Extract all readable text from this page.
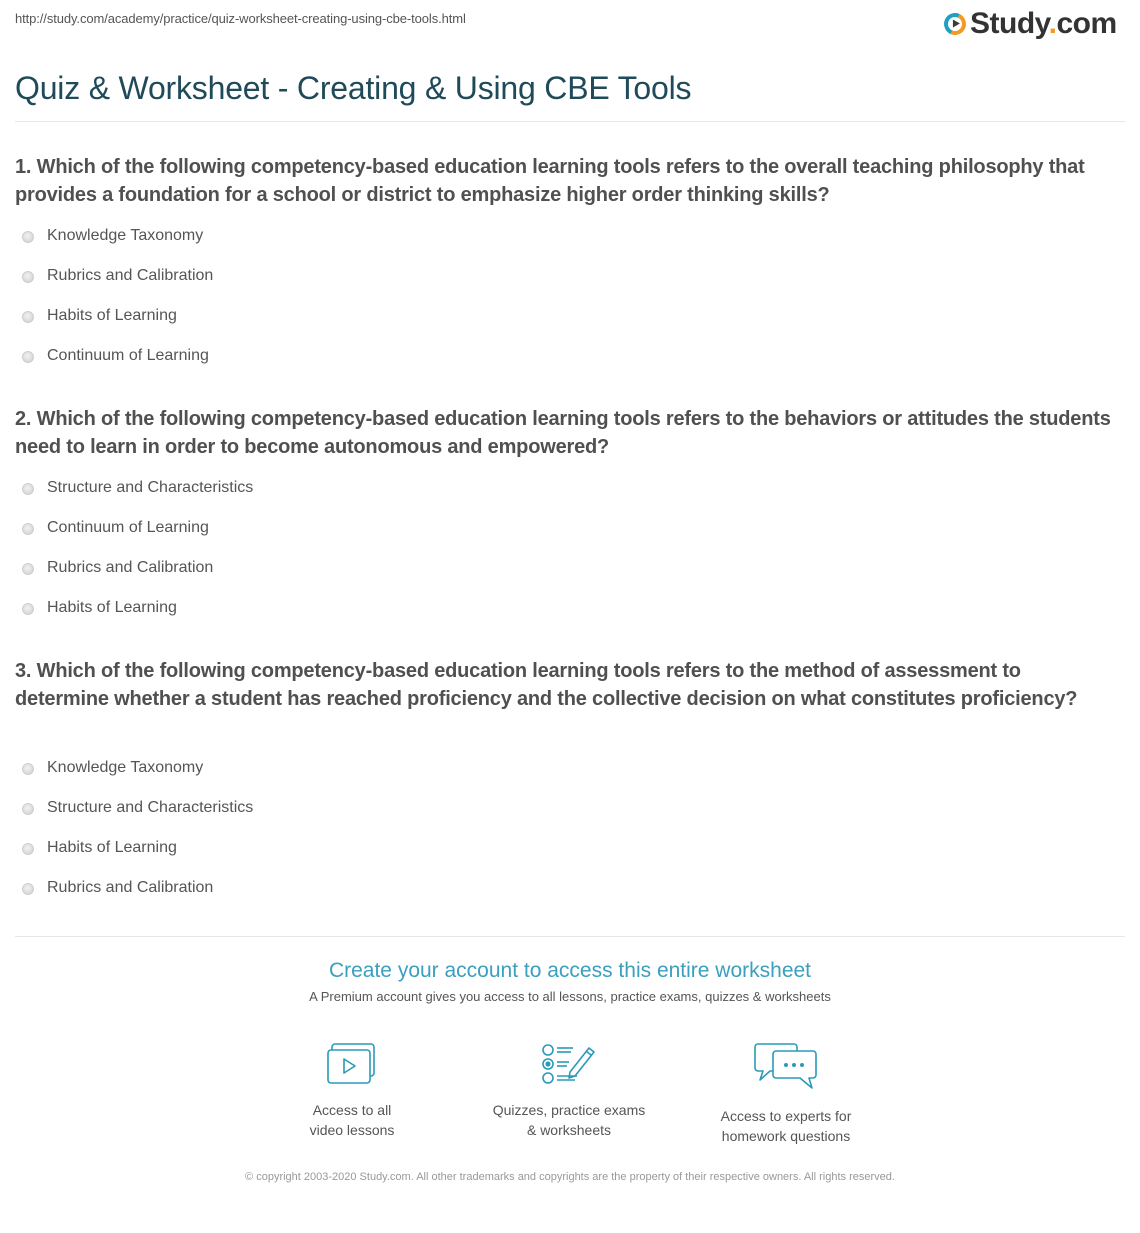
http://study.com/academy/practice/quiz-worksheet-creating-using-cbe-tools.html	Study.com
Quiz & Worksheet - Creating & Using CBE Tools
1. Which of the following competency-based education learning tools refers to the overall teaching philosophy that provides a foundation for a school or district to emphasize higher order thinking skills?
Knowledge Taxonomy
Rubrics and Calibration
Habits of Learning
Continuum of Learning
2. Which of the following competency-based education learning tools refers to the behaviors or attitudes the students need to learn in order to become autonomous and empowered?
Structure and Characteristics
Continuum of Learning
Rubrics and Calibration
Habits of Learning
3. Which of the following competency-based education learning tools refers to the method of assessment to determine whether a student has reached proficiency and the collective decision on what constitutes proficiency?
Knowledge Taxonomy
Structure and Characteristics
Habits of Learning
Rubrics and Calibration
Create your account to access this entire worksheet
A Premium account gives you access to all lessons, practice exams, quizzes & worksheets
Access to all
video lessons
Quizzes, practice exams
& worksheets
Access to experts for
homework questions
© copyright 2003-2020 Study.com. All other trademarks and copyrights are the property of their respective owners. All rights reserved.
